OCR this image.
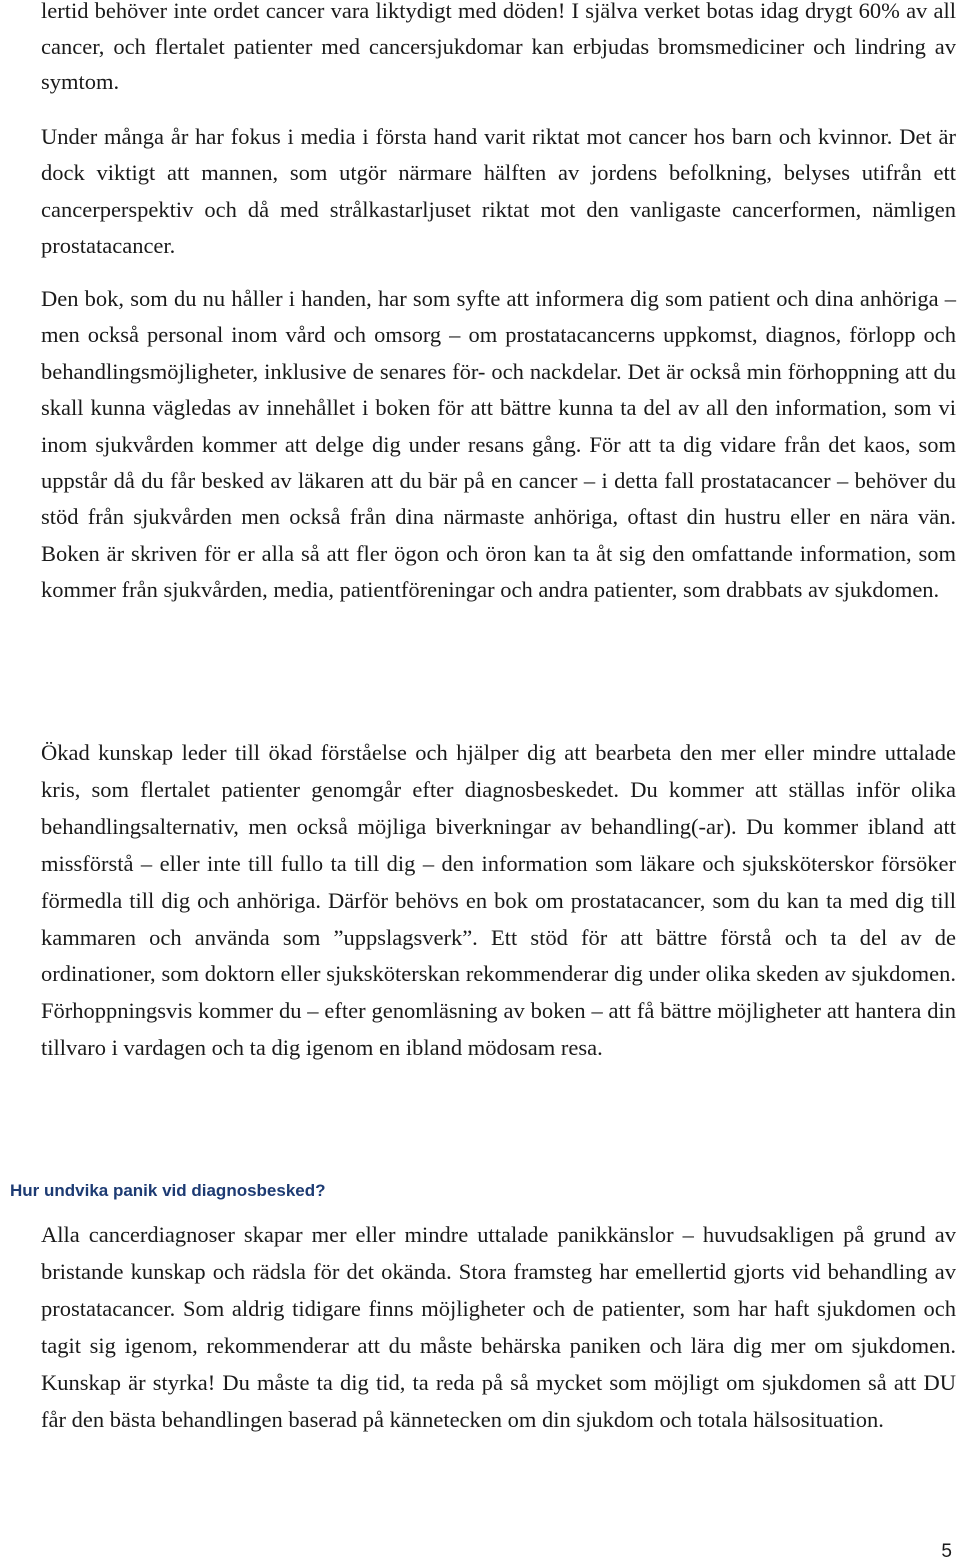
lertid behöver inte ordet cancer vara liktydigt med döden! I själva verket botas idag drygt 60% av all cancer, och flertalet patienter med cancersjukdomar kan erbjudas bromsmediciner och lindring av symtom.

Under många år har fokus i media i första hand varit riktat mot cancer hos barn och kvinnor. Det är dock viktigt att mannen, som utgör närmare hälften av jordens befolkning, belyses utifrån ett cancerperspektiv och då med strålkastarljuset riktat mot den vanligaste cancerformen, nämligen prostatacancer.

Den bok, som du nu håller i handen, har som syfte att informera dig som patient och dina anhöriga – men också personal inom vård och omsorg – om prostatacancerns uppkomst, diagnos, förlopp och behandlingsmöjligheter, inklusive de senares för- och nackdelar. Det är också min förhoppning att du skall kunna vägledas av innehållet i boken för att bättre kunna ta del av all den information, som vi inom sjukvården kommer att delge dig under resans gång. För att ta dig vidare från det kaos, som uppstår då du får besked av läkaren att du bär på en cancer – i detta fall prostatacancer – behöver du stöd från sjukvården men också från dina närmaste anhöriga, oftast din hustru eller en nära vän. Boken är skriven för er alla så att fler ögon och öron kan ta åt sig den omfattande information, som kommer från sjukvården, media, patientföreningar och andra patienter, som drabbats av sjukdomen.

Ökad kunskap leder till ökad förståelse och hjälper dig att bearbeta den mer eller mindre uttalade kris, som flertalet patienter genomgår efter diagnosbeskedet. Du kommer att ställas inför olika behandlingsalternativ, men också möjliga biverkningar av behandling(-ar). Du kommer ibland att missförstå – eller inte till fullo ta till dig – den information som läkare och sjuksköterskor försöker förmedla till dig och anhöriga. Därför behövs en bok om prostatacancer, som du kan ta med dig till kammaren och använda som ”uppslagsverk”. Ett stöd för att bättre förstå och ta del av de ordinationer, som doktorn eller sjuksköterskan rekommenderar dig under olika skeden av sjukdomen. Förhoppningsvis kommer du – efter genomläsning av boken – att få bättre möjligheter att hantera din tillvaro i vardagen och ta dig igenom en ibland mödosam resa.

Hur undvika panik vid diagnosbesked?

Alla cancerdiagnoser skapar mer eller mindre uttalade panikkänslor – huvudsakligen på grund av bristande kunskap och rädsla för det okända. Stora framsteg har emellertid gjorts vid behandling av prostatacancer. Som aldrig tidigare finns möjligheter och de patienter, som har haft sjukdomen och tagit sig igenom, rekommenderar att du måste behärska paniken och lära dig mer om sjukdomen. Kunskap är styrka! Du måste ta dig tid, ta reda på så mycket som möjligt om sjukdomen så att DU får den bästa behandlingen baserad på kännetecken om din sjukdom och totala hälsosituation.

5
